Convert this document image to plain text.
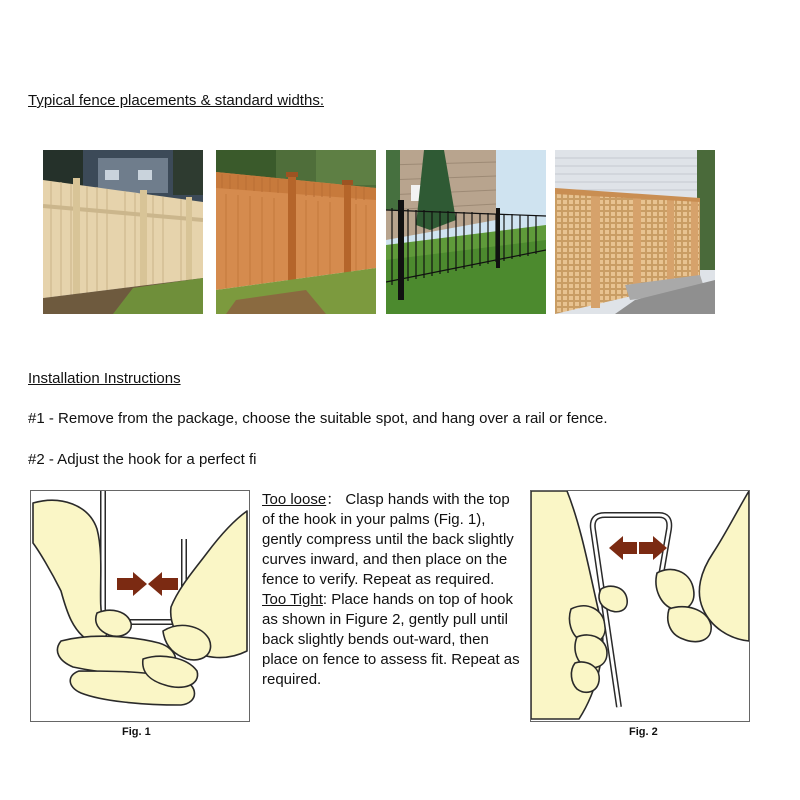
Typical fence placements & standard widths:
Installation Instructions
#1 - Remove from the package, choose the suitable spot, and hang over a rail or fence.
#2 - Adjust the hook for a perfect fi
Fig. 1

Too loose： Clasp hands with the top of the hook in your palms (Fig. 1), gently compress until the back slightly curves inward, and then place on the fence to verify. Repeat as required.

Too Tight: Place hands on top of hook as shown in Figure 2, gently pull until back slightly bends out-ward, then place on fence to assess fit. Repeat as required.

Fig. 2
